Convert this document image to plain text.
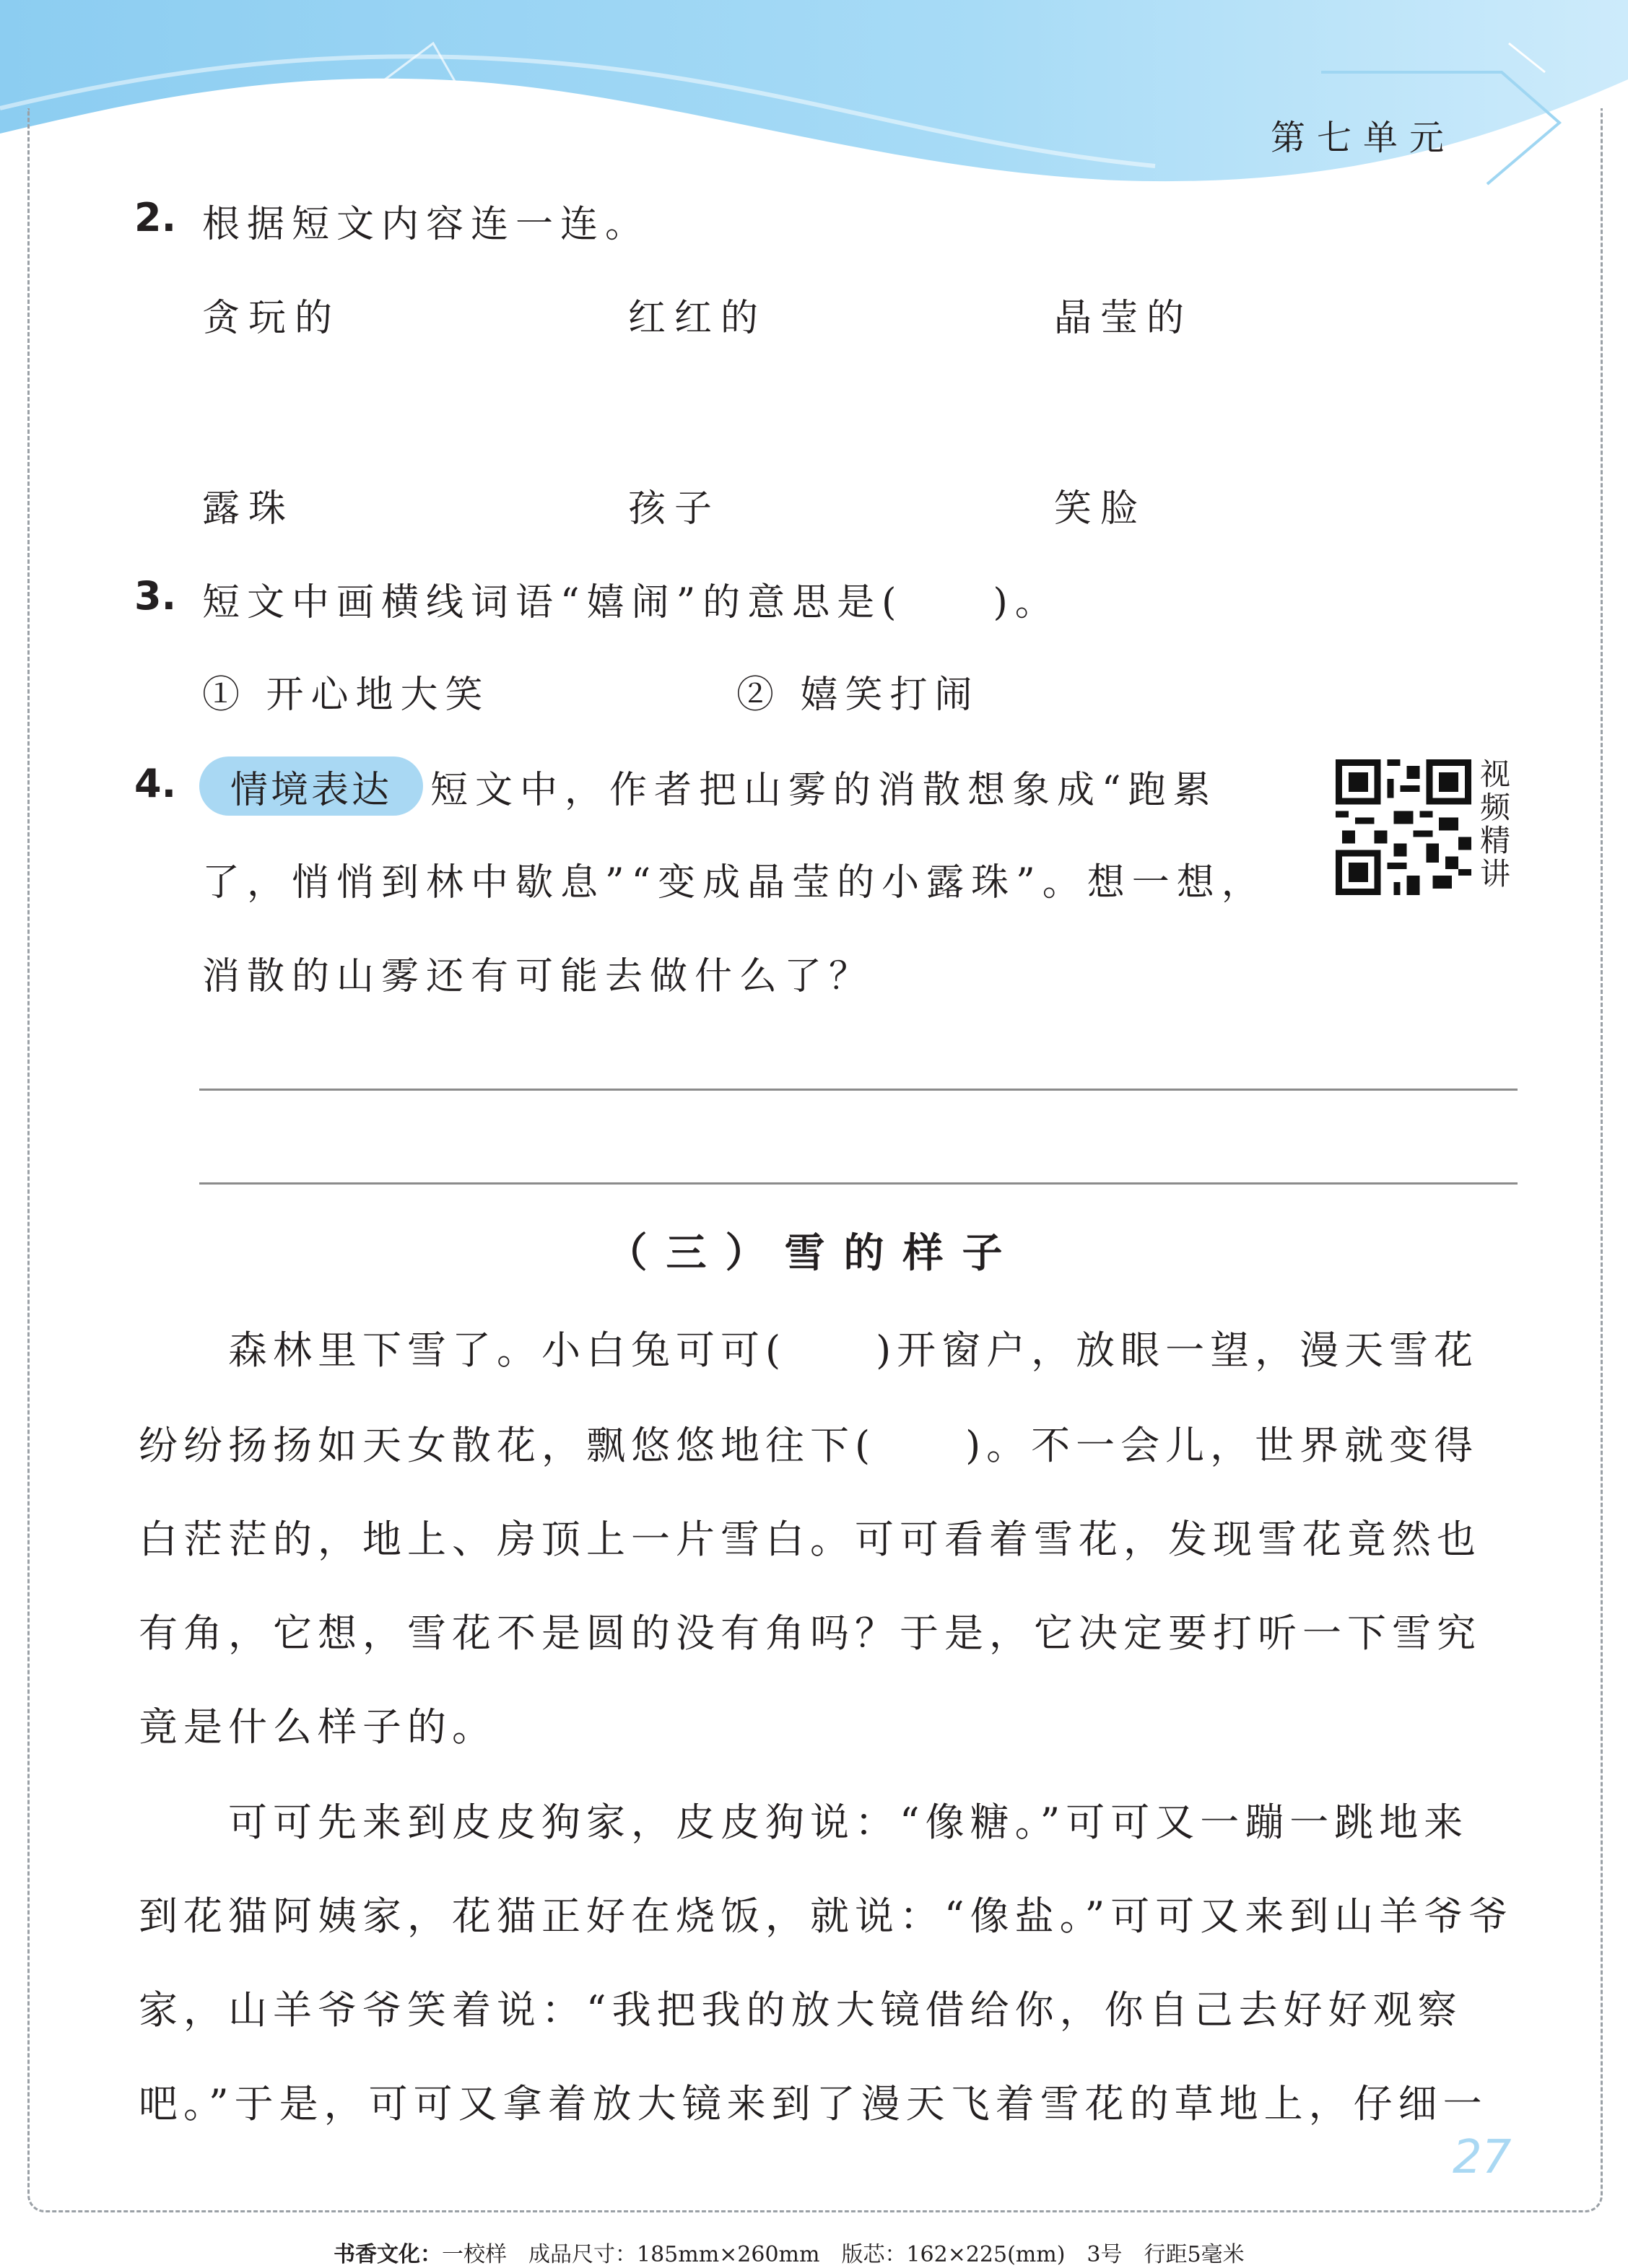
第七单元
2. 根据短文内容连一连。
贪玩的	红红的	晶莹的
露珠	孩子	笑脸
3. 短文中画横线词语“嬉闹”的意思是(　　)。
① 开心地大笑	② 嬉笑打闹
4.	情境表达	短文中，作者把山雾的消散想象成“跑累
了，悄悄到林中歇息”“变成晶莹的小露珠”。想一想，
消散的山雾还有可能去做什么了？
视频精讲
（三）雪的样子
　　森林里下雪了。小白兔可可(　　)开窗户，放眼一望，漫天雪花
纷纷扬扬如天女散花，飘悠悠地往下(　　)。不一会儿，世界就变得
白茫茫的，地上、房顶上一片雪白。可可看着雪花，发现雪花竟然也
有角，它想，雪花不是圆的没有角吗？于是，它决定要打听一下雪究
竟是什么样子的。
　　可可先来到皮皮狗家，皮皮狗说：“像糖。”可可又一蹦一跳地来
到花猫阿姨家，花猫正好在烧饭，就说：“像盐。”可可又来到山羊爷爷
家，山羊爷爷笑着说：“我把我的放大镜借给你，你自己去好好观察
吧。”于是，可可又拿着放大镜来到了漫天飞着雪花的草地上，仔细一
27
书香文化：一校样　成品尺寸：185mm×260mm　版芯：162×225(mm)　3号　行距5毫米
